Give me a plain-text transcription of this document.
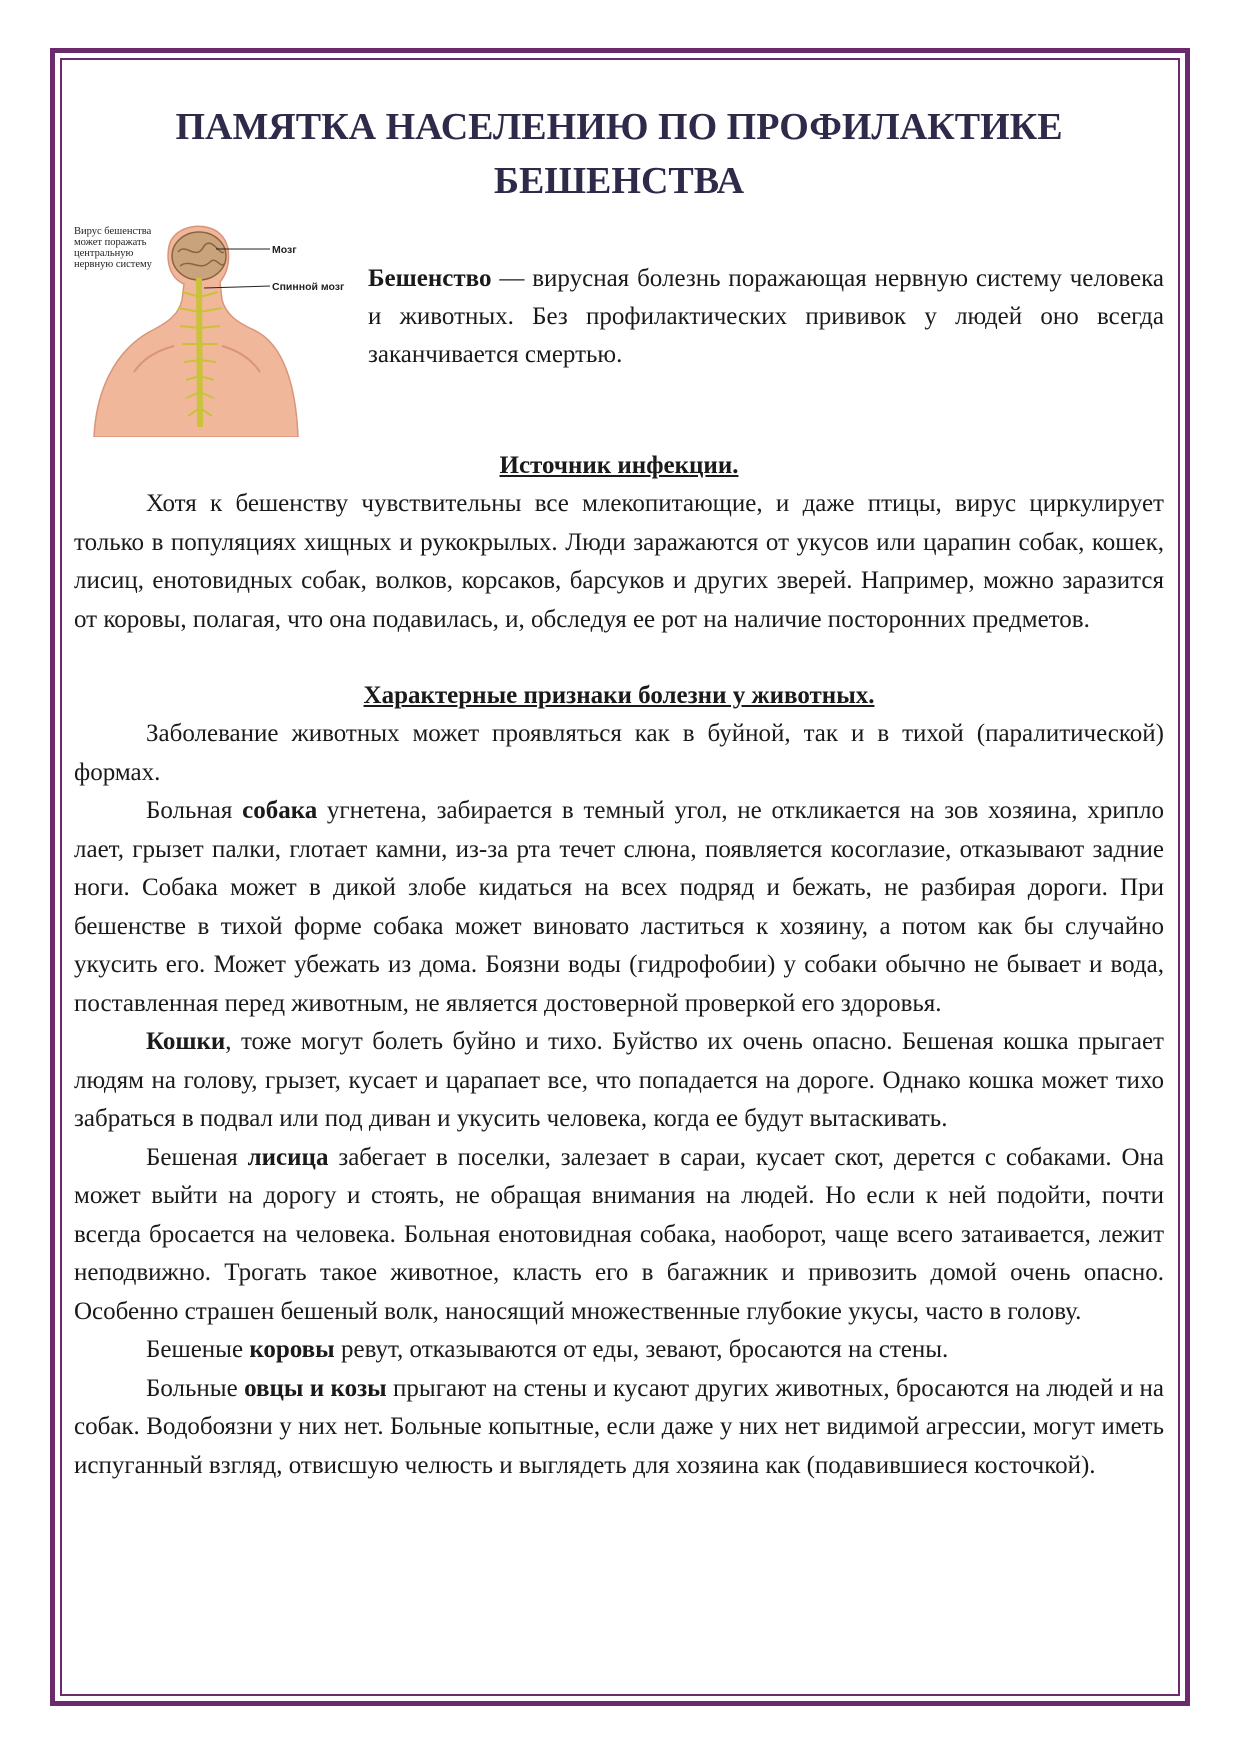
ПАМЯТКА НАСЕЛЕНИЮ ПО ПРОФИЛАКТИКЕ
БЕШЕНСТВА
Вирус бешенства
может поражать
центральную
нервную систему
Мозг
Спинной мозг Бешенство — вирусная болезнь поражающая нервную систему человека и животных. Без профилактических прививок у людей оно всегда заканчивается смертью.

Источник инфекции.

Хотя к бешенству чувствительны все млекопитающие, и даже птицы, вирус циркулирует только в популяциях хищных и рукокрылых. Люди заражаются от укусов или царапин собак, кошек, лисиц, енотовидных собак, волков, корсаков, барсуков и других зверей. Например, можно заразится от коровы, полагая, что она подавилась, и, обследуя ее рот на наличие посторонних предметов.

Характерные признаки болезни у животных.

Заболевание животных может проявляться как в буйной, так и в тихой (паралитической) формах.

Больная собака угнетена, забирается в темный угол, не откликается на зов хозяина, хрипло лает, грызет палки, глотает камни, из-за рта течет слюна, появляется косоглазие, отказывают задние ноги. Собака может в дикой злобе кидаться на всех подряд и бежать, не разбирая дороги. При бешенстве в тихой форме собака может виновато ластиться к хозяину, а потом как бы случайно укусить его. Может убежать из дома. Боязни воды (гидрофобии) у собаки обычно не бывает и вода, поставленная перед животным, не является достоверной проверкой его здоровья.

Кошки, тоже могут болеть буйно и тихо. Буйство их очень опасно. Бешеная кошка прыгает людям на голову, грызет, кусает и царапает все, что попадается на дороге. Однако кошка может тихо забраться в подвал или под диван и укусить человека, когда ее будут вытаскивать.

Бешеная лисица забегает в поселки, залезает в сараи, кусает скот, дерется с собаками. Она может выйти на дорогу и стоять, не обращая внимания на людей. Но если к ней подойти, почти всегда бросается на человека. Больная енотовидная собака, наоборот, чаще всего затаивается, лежит неподвижно. Трогать такое животное, класть его в багажник и привозить домой очень опасно. Особенно страшен бешеный волк, наносящий множественные глубокие укусы, часто в голову.

Бешеные коровы ревут, отказываются от еды, зевают, бросаются на стены.

Больные овцы и козы прыгают на стены и кусают других животных, бросаются на людей и на собак. Водобоязни у них нет. Больные копытные, если даже у них нет видимой агрессии, могут иметь испуганный взгляд, отвисшую челюсть и выглядеть для хозяина как (подавившиеся косточкой).
